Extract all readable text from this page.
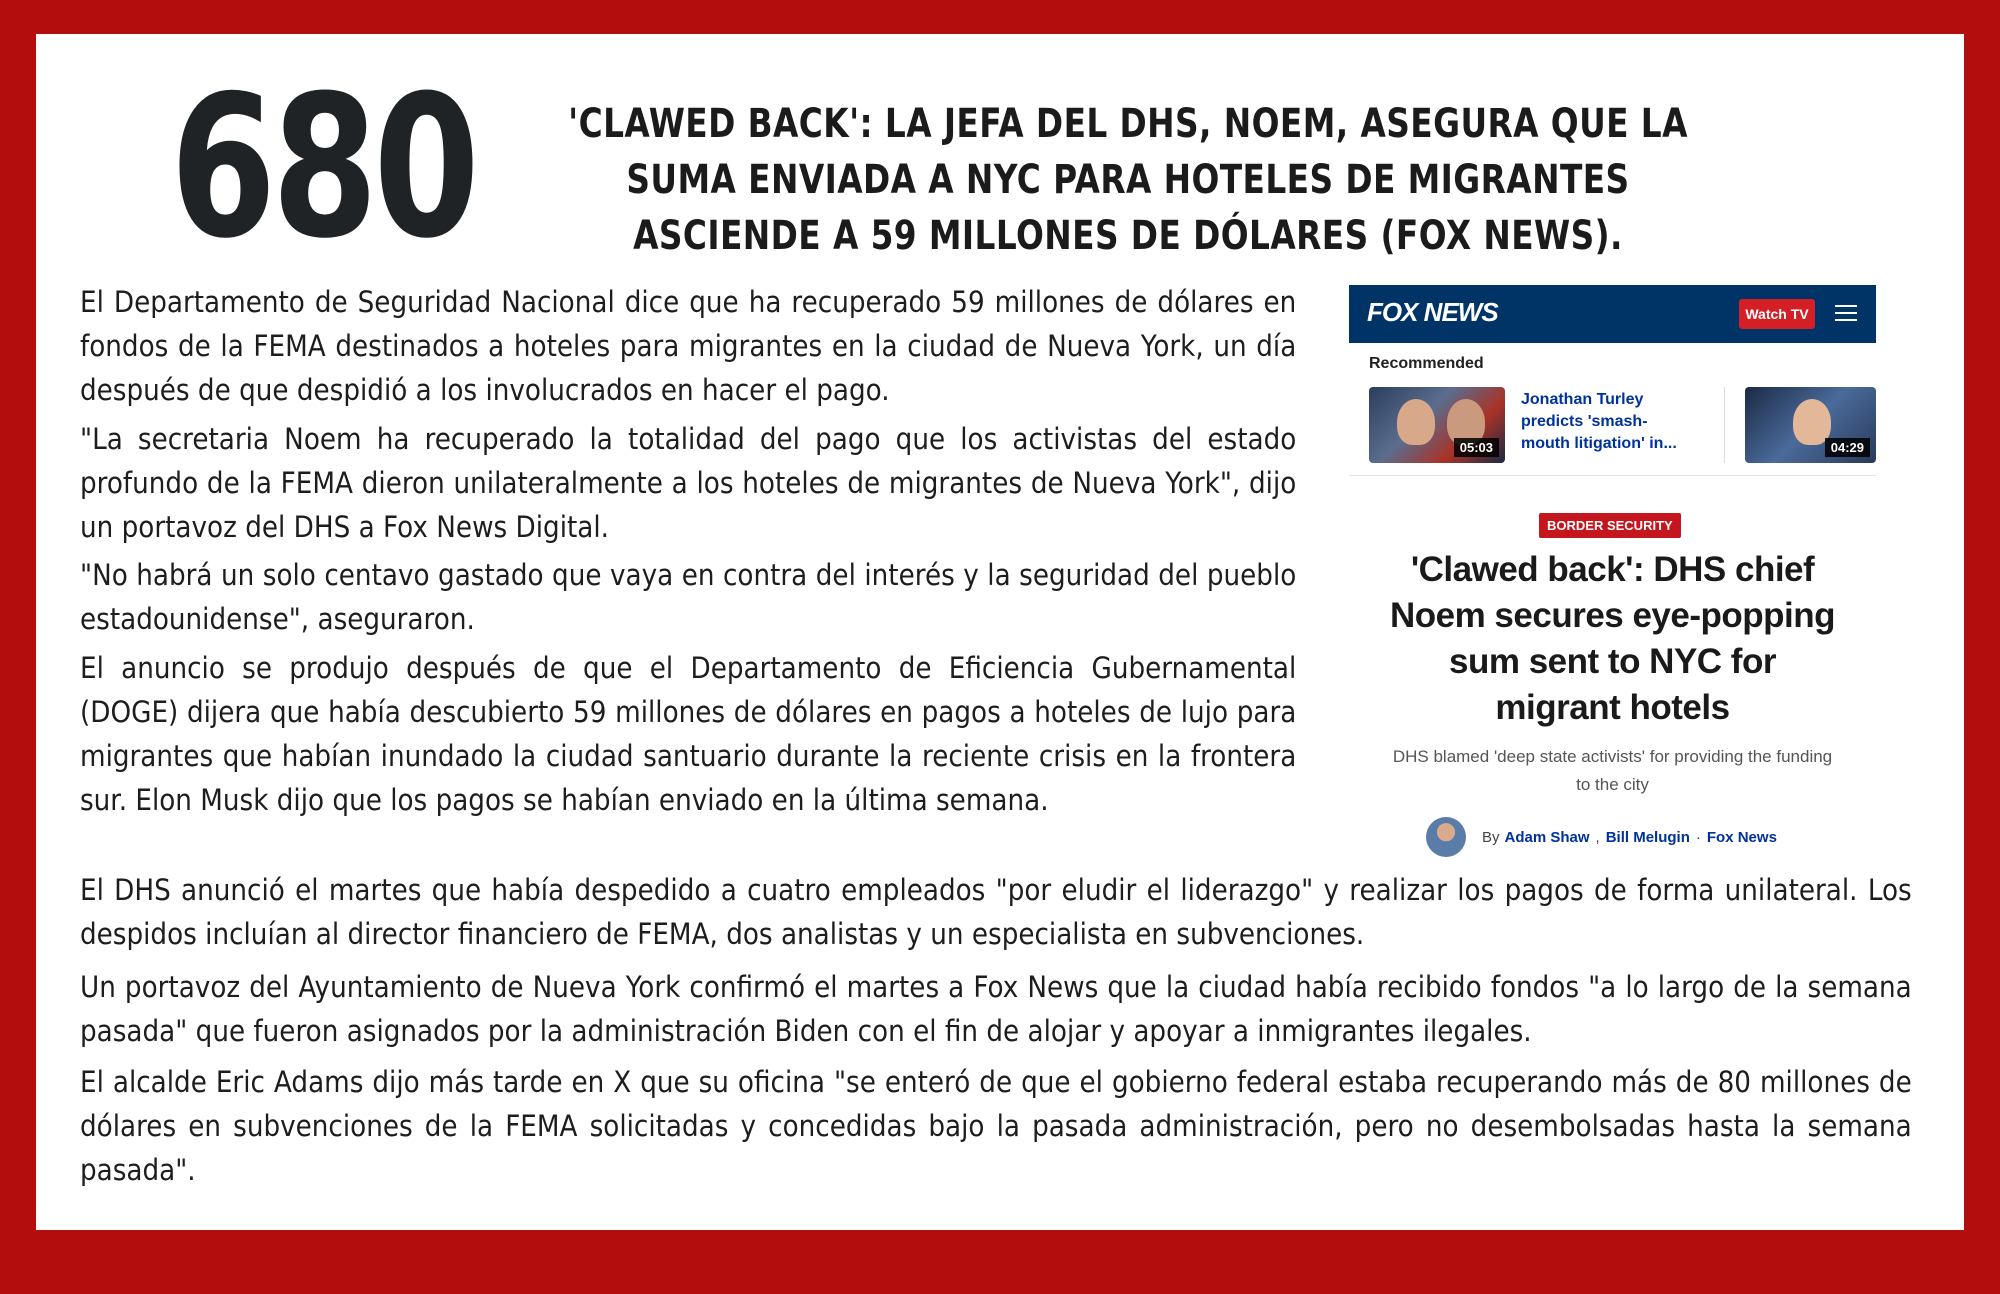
680	'CLAWED BACK': LA JEFA DEL DHS, NOEM, ASEGURA QUE LA SUMA ENVIADA A NYC PARA HOTELES DE MIGRANTES ASCIENDE A 59 MILLONES DE DÓLARES (FOX NEWS).

El Departamento de Seguridad Nacional dice que ha recuperado 59 millones de dólares en fondos de la FEMA destinados a hoteles para migrantes en la ciudad de Nueva York, un día después de que despidió a los involucrados en hacer el pago.

"La secretaria Noem ha recuperado la totalidad del pago que los activistas del estado profundo de la FEMA dieron unilateralmente a los hoteles de migrantes de Nueva York", dijo un portavoz del DHS a Fox News Digital.

"No habrá un solo centavo gastado que vaya en contra del interés y la seguridad del pueblo estadounidense", aseguraron.

El anuncio se produjo después de que el Departamento de Eficiencia Gubernamental (DOGE) dijera que había descubierto 59 millones de dólares en pagos a hoteles de lujo para migrantes que habían inundado la ciudad santuario durante la reciente crisis en la frontera sur. Elon Musk dijo que los pagos se habían enviado en la última semana.

El DHS anunció el martes que había despedido a cuatro empleados "por eludir el liderazgo" y realizar los pagos de forma unilateral. Los despidos incluían al director financiero de FEMA, dos analistas y un especialista en subvenciones.

Un portavoz del Ayuntamiento de Nueva York confirmó el martes a Fox News que la ciudad había recibido fondos "a lo largo de la semana pasada" que fueron asignados por la administración Biden con el fin de alojar y apoyar a inmigrantes ilegales.

El alcalde Eric Adams dijo más tarde en X que su oficina "se enteró de que el gobierno federal estaba recuperando más de 80 millones de dólares en subvenciones de la FEMA solicitadas y concedidas bajo la pasada administración, pero no desembolsadas hasta la semana pasada".

FOX NEWS	Watch TV
Recommended
05:03
Jonathan Turley predicts 'smash-mouth litigation' in...	04:29
BORDER SECURITY
'Clawed back': DHS chief Noem secures eye-popping sum sent to NYC for migrant hotels
DHS blamed 'deep state activists' for providing the funding to the city
By Adam Shaw , Bill Melugin · Fox News
